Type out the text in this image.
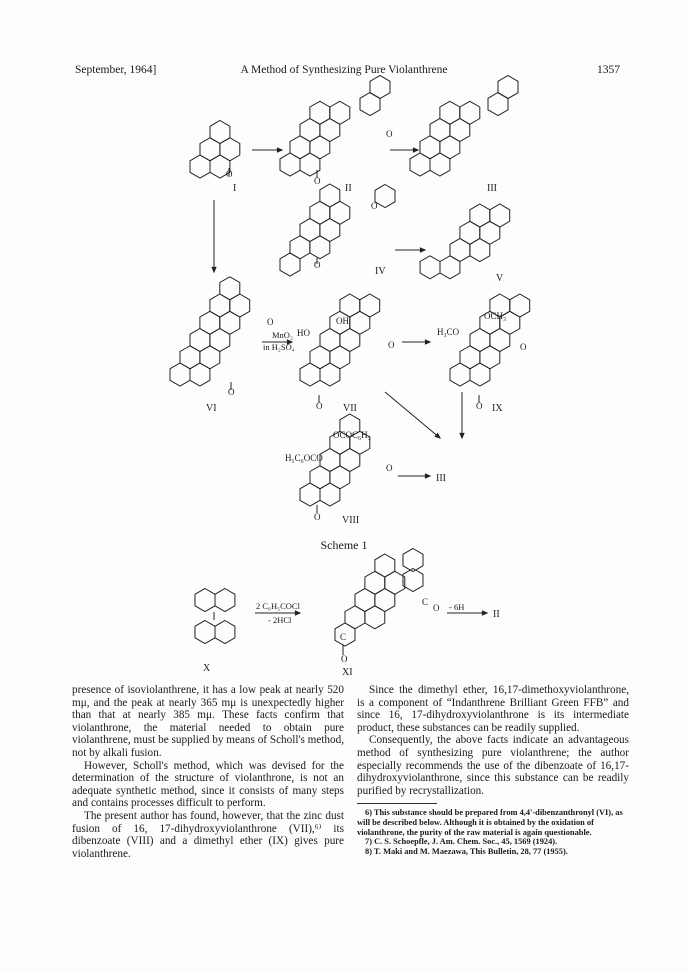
September, 1964]	A Method of Synthesizing Pure Violanthrene	1357
I	II	III
IV
V
VI	VII	IX
VIII
X	XI
III
II
O
O
O
O
O
O
O	OH
HO
O
O
OCH₃
H₃CO
O
O
OCOC₆H₅
H₅C₆OCO
O
O
C
O
C
O
MnO₂
in H₂SO₄
2 C₆H₅COCl
- 2HCl
- 6H
Scheme 1

presence of isoviolanthrene, it has a low peak at nearly 520 mμ, and the peak at nearly 365 mμ is unexpectedly higher than that at nearly 385 mμ. These facts confirm that violanthrone, the material needed to obtain pure violanthrene, must be supplied by means of Scholl's method, not by alkali fusion.

However, Scholl's method, which was devised for the determination of the structure of violanthrone, is not an adequate synthetic method, since it consists of many steps and contains processes difficult to perform.

The present author has found, however, that the zinc dust fusion of 16, 17-dihydroxyviolanthrone (VII),⁶⁾ its dibenzoate (VIII) and a dimethyl ether (IX) gives pure violanthrene.

Since the dimethyl ether, 16,17-dimethoxyviolanthrone, is a component of “Indanthrene Brilliant Green FFB” and since 16, 17-dihydroxyviolanthrone is its intermediate product, these substances can be readily supplied.

Consequently, the above facts indicate an advantageous method of synthesizing pure violanthrene; the author especially recommends the use of the dibenzoate of 16,17-dihydroxyviolanthrone, since this substance can be readily purified by recrystallization.

6) This substance should be prepared from 4,4'-dibenzanthronyl (VI), as will be described below. Although it is obtained by the oxidation of violanthrone, the purity of the raw material is again questionable.

7) C. S. Schoepfle, J. Am. Chem. Soc., 45, 1569 (1924).

8) T. Maki and M. Maezawa, This Bulletin, 28, 77 (1955).
